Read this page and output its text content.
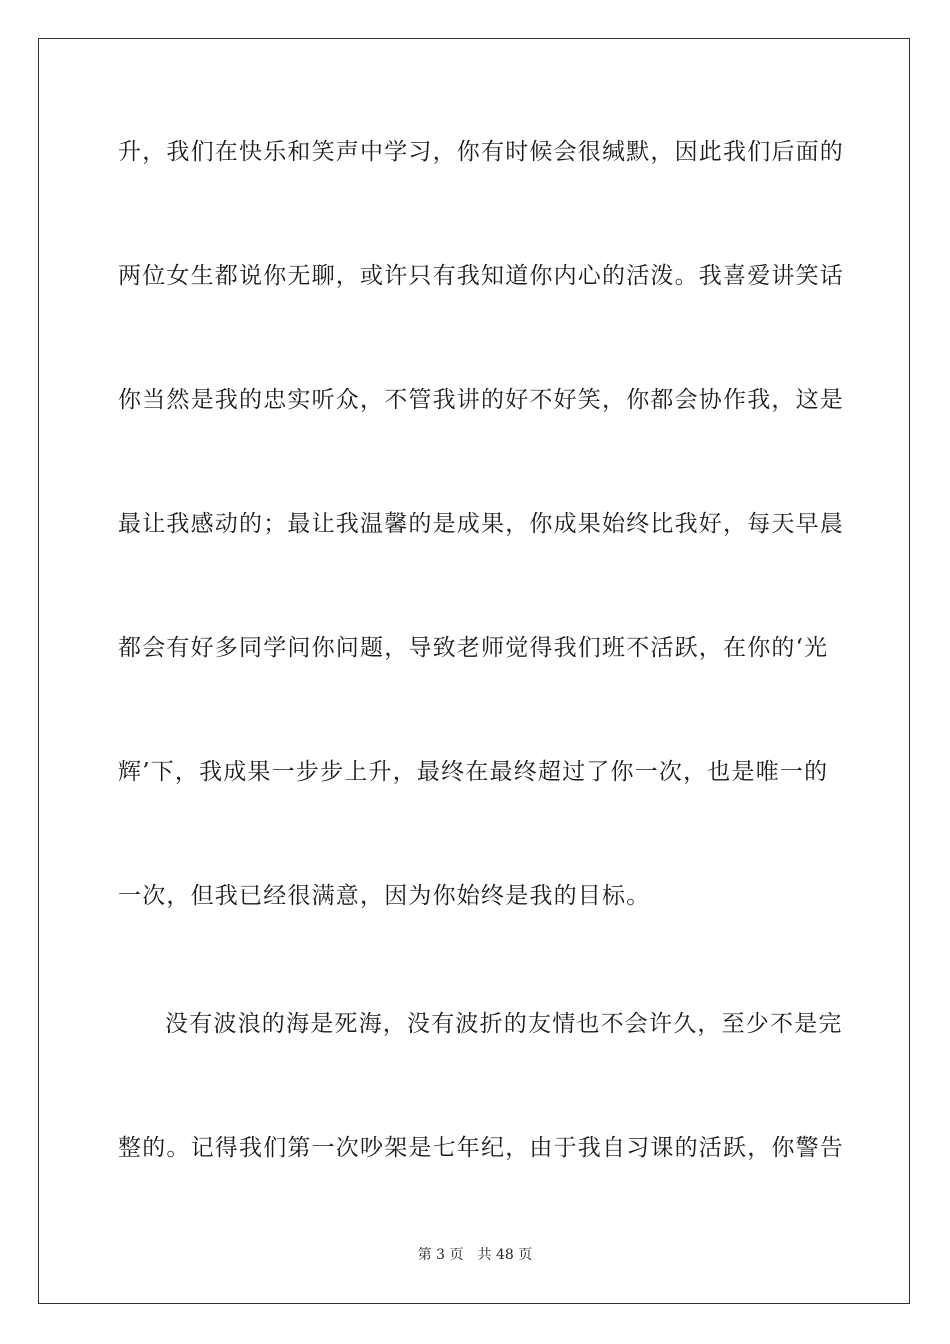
升，我们在快乐和笑声中学习，你有时候会很缄默，因此我们后面的
两位女生都说你无聊，或许只有我知道你内心的活泼。我喜爱讲笑话
你当然是我的忠实听众，不管我讲的好不好笑，你都会协作我，这是
最让我感动的；最让我温馨的是成果，你成果始终比我好，每天早晨
都会有好多同学问你问题，导致老师觉得我们班不活跃，在你的‘光
辉’下，我成果一步步上升，最终在最终超过了你一次，也是唯一的
一次，但我已经很满意，因为你始终是我的目标。
没有波浪的海是死海，没有波折的友情也不会许久，至少不是完
整的。记得我们第一次吵架是七年纪，由于我自习课的活跃，你警告
第 3 页 共 48 页
